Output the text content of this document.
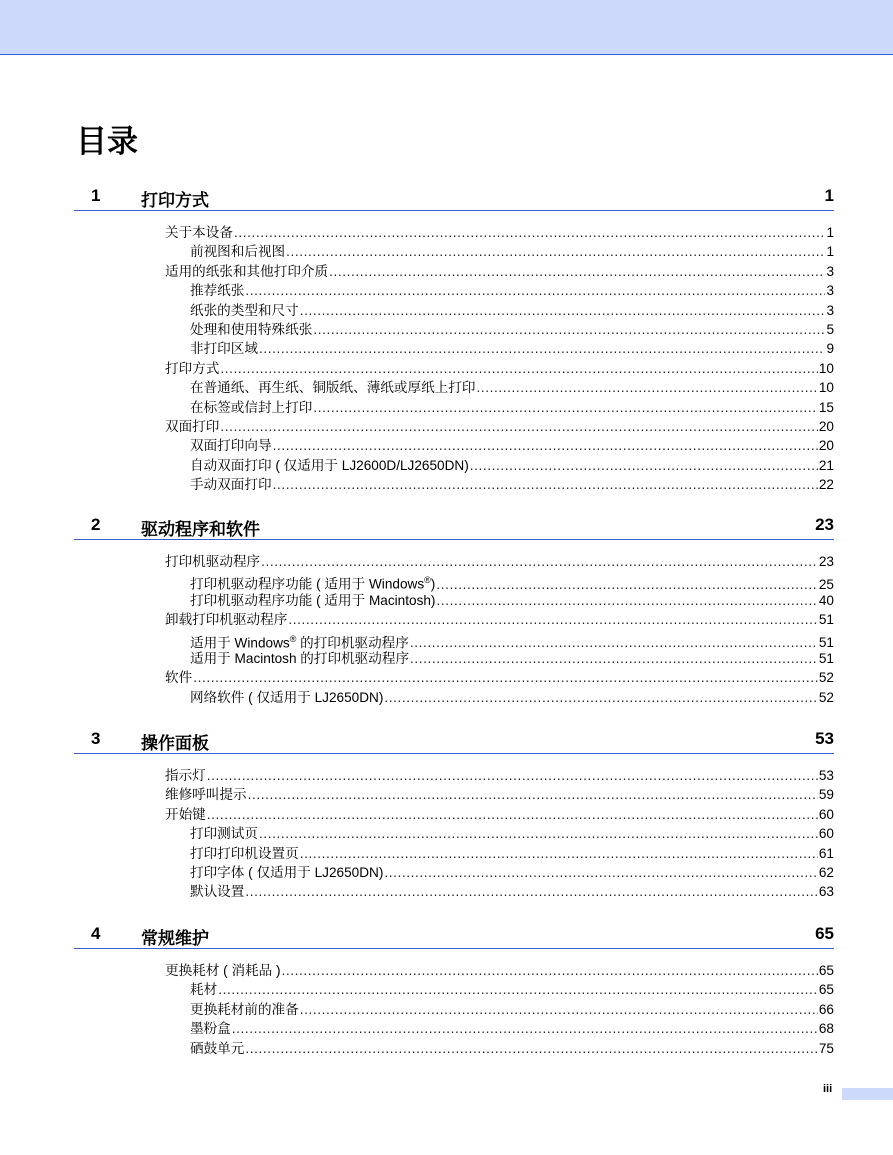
目录
1 打印方式	1
关于本设备 .....	1
前视图和后视图 .....	1
适用的纸张和其他打印介质 .....	3
推荐纸张 .....	3
纸张的类型和尺寸 .....	3
处理和使用特殊纸张 .....	5
非打印区域 .....	9
打印方式 .....	10
在普通纸、再生纸、铜版纸、薄纸或厚纸上打印 .....	10
在标签或信封上打印 .....	15
双面打印 .....	20
双面打印向导 .....	20
自动双面打印 ( 仅适用于 LJ2600D/LJ2650DN) .....	21
手动双面打印 .....	22
2 驱动程序和软件	23
打印机驱动程序 .....	23
打印机驱动程序功能 ( 适用于 Windows®) .....	25
打印机驱动程序功能 ( 适用于 Macintosh) .....	40
卸载打印机驱动程序 .....	51
适用于 Windows® 的打印机驱动程序 .....	51
适用于 Macintosh 的打印机驱动程序 .....	51
软件 .....	52
网络软件 ( 仅适用于 LJ2650DN) .....	52
3 操作面板	53
指示灯 .....	53
维修呼叫提示 .....	59
开始键 .....	60
打印测试页 .....	60
打印打印机设置页 .....	61
打印字体 ( 仅适用于 LJ2650DN) .....	62
默认设置 .....	63
4 常规维护	65
更换耗材 ( 消耗品 ) .....	65
耗材 .....	65
更换耗材前的准备 .....	66
墨粉盒 .....	68
硒鼓单元 .....	75
iii
